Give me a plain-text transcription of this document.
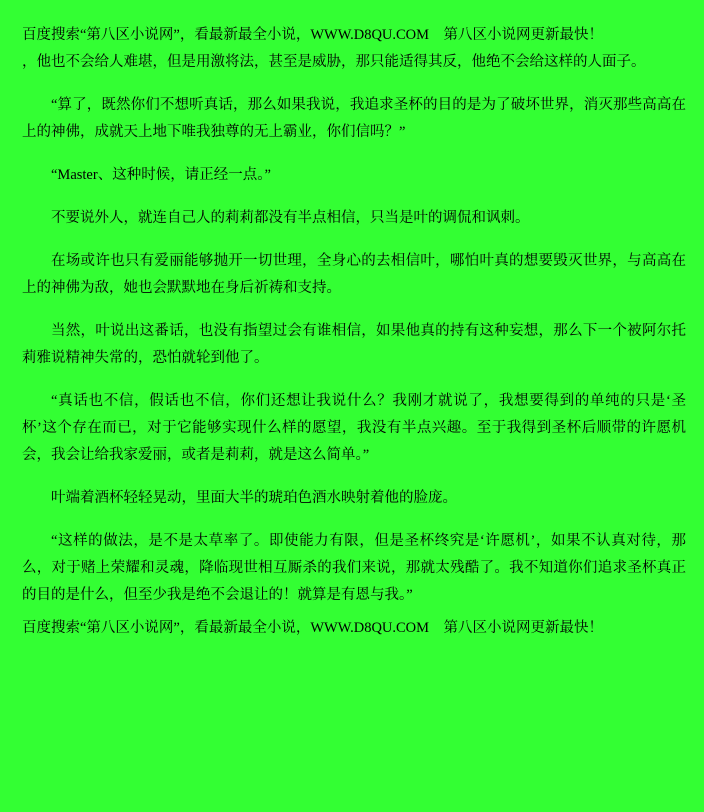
百度搜索“第八区小说网”，看最新最全小说，WWW.D8QU.COM　第八区小说网更新最快！
，他也不会给人难堪，但是用激将法，甚至是威胁，那只能适得其反，他绝不会给这样的人面子。
“算了，既然你们不想听真话，那么如果我说，我追求圣杯的目的是为了破坏世界，消灭那些高高在上的神佛，成就天上地下唯我独尊的无上霸业，你们信吗？”
“Master、这种时候，请正经一点。”
不要说外人，就连自己人的莉莉都没有半点相信，只当是叶的调侃和讽刺。
在场或许也只有爱丽能够抛开一切世理，全身心的去相信叶，哪怕叶真的想要毁灭世界，与高高在上的神佛为敌，她也会默默地在身后祈祷和支持。
当然，叶说出这番话，也没有指望过会有谁相信，如果他真的持有这种妄想，那么下一个被阿尔托莉雅说精神失常的，恐怕就轮到他了。
“真话也不信，假话也不信，你们还想让我说什么？我刚才就说了，我想要得到的单纯的只是‘圣杯’这个存在而已，对于它能够实现什么样的愿望，我没有半点兴趣。至于我得到圣杯后顺带的许愿机会，我会让给我家爱丽，或者是莉莉，就是这么简单。”
叶端着酒杯轻轻晃动，里面大半的琥珀色酒水映射着他的脸庞。
“这样的做法，是不是太草率了。即使能力有限，但是圣杯终究是‘许愿机’，如果不认真对待，那么，对于赌上荣耀和灵魂，降临现世相互厮杀的我们来说，那就太残酷了。我不知道你们追求圣杯真正的目的是什么，但至少我是绝不会退让的！就算是有恩与我。”
百度搜索“第八区小说网”，看最新最全小说，WWW.D8QU.COM　第八区小说网更新最快！
